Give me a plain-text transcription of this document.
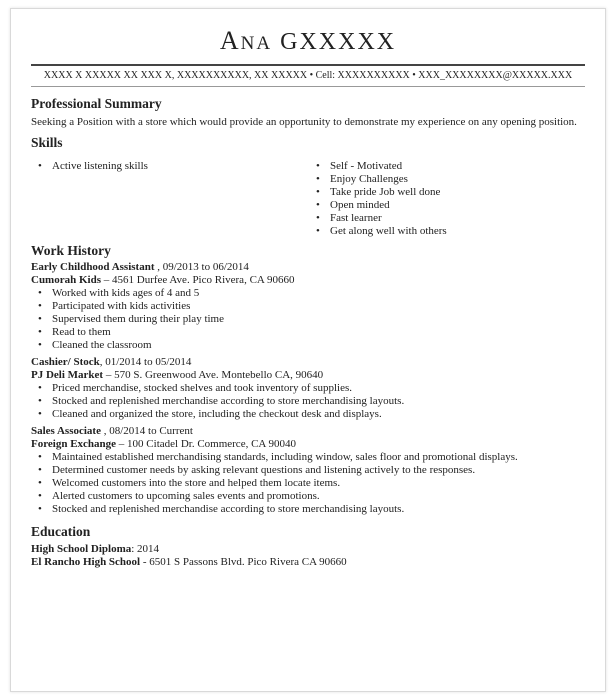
ANA GXXXXX
XXXX X XXXXX XX XXX X, XXXXXXXXXX, XX XXXXX • Cell: XXXXXXXXXX • XXX_XXXXXXXX@XXXXX.XXX
Professional Summary
Seeking a Position with a store which would provide an opportunity to demonstrate my experience on any opening position.
Skills
• Active listening skills
•	Self - Motivated
• Enjoy Challenges
• Take pride Job well done
• Open minded
• Fast learner
• Get along well with others
Work History
Early Childhood Assistant , 09/2013 to 06/2014
Cumorah Kids – 4561 Durfee Ave. Pico Rivera, CA 90660
• Worked with kids ages of 4 and 5
• Participated with kids activities
• Supervised them during their play time
• Read to them
• Cleaned the classroom
Cashier/ Stock, 01/2014 to 05/2014
PJ Deli Market – 570 S. Greenwood Ave. Montebello CA, 90640
• Priced merchandise, stocked shelves and took inventory of supplies.
• Stocked and replenished merchandise according to store merchandising layouts.
• Cleaned and organized the store, including the checkout desk and displays.
Sales Associate , 08/2014 to Current
Foreign Exchange – 100 Citadel Dr. Commerce, CA 90040
• Maintained established merchandising standards, including window, sales floor and promotional displays.
• Determined customer needs by asking relevant questions and listening actively to the responses.
• Welcomed customers into the store and helped them locate items.
• Alerted customers to upcoming sales events and promotions.
• Stocked and replenished merchandise according to store merchandising layouts.
Education
High School Diploma: 2014
El Rancho High School - 6501 S Passons Blvd. Pico Rivera CA 90660
